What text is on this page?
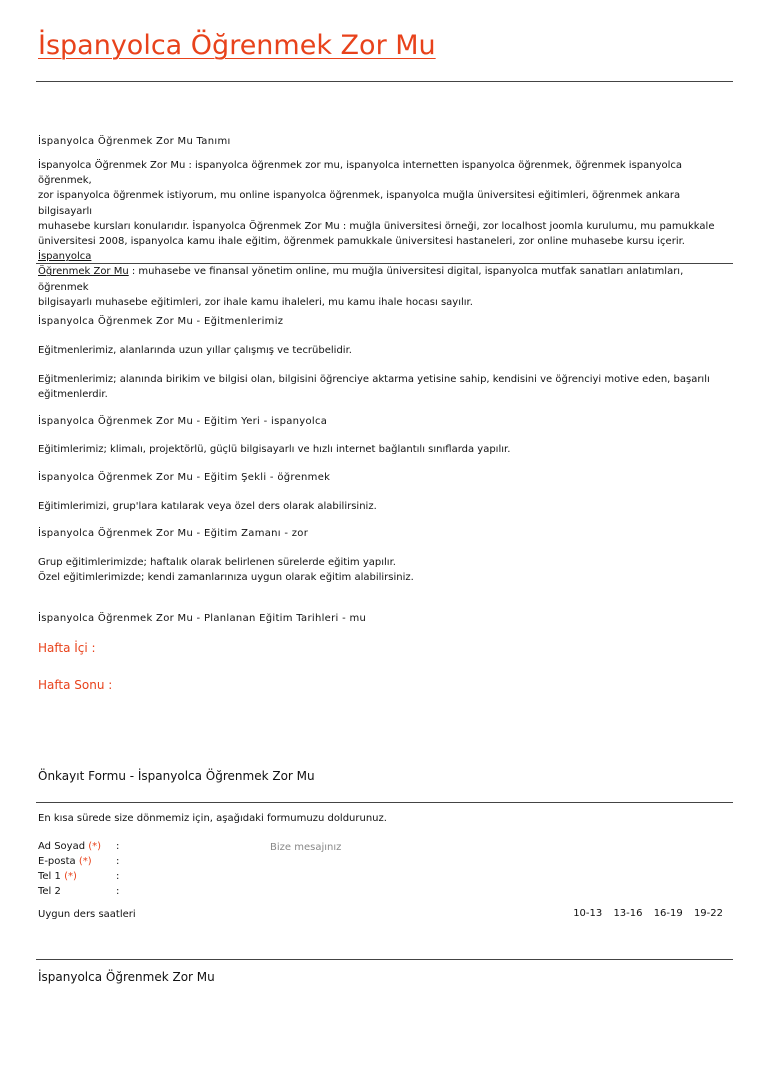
İspanyolca Öğrenmek Zor Mu
İspanyolca Öğrenmek Zor Mu Tanımı
İspanyolca Öğrenmek Zor Mu : ispanyolca öğrenmek zor mu, ispanyolca internetten ispanyolca öğrenmek, öğrenmek ispanyolca öğrenmek,
zor ispanyolca öğrenmek istiyorum, mu online ispanyolca öğrenmek, ispanyolca muğla üniversitesi eğitimleri, öğrenmek ankara bilgisayarlı
muhasebe kursları konularıdır. İspanyolca Öğrenmek Zor Mu : muğla üniversitesi örneği, zor localhost joomla kurulumu, mu pamukkale
üniversitesi 2008, ispanyolca kamu ihale eğitim, öğrenmek pamukkale üniversitesi hastaneleri, zor online muhasebe kursu içerir. İspanyolca
Öğrenmek Zor Mu : muhasebe ve finansal yönetim online, mu muğla üniversitesi digital, ispanyolca mutfak sanatları anlatımları, öğrenmek
bilgisayarlı muhasebe eğitimleri, zor ihale kamu ihaleleri, mu kamu ihale hocası sayılır.
İspanyolca Öğrenmek Zor Mu - Eğitmenlerimiz
Eğitmenlerimiz, alanlarında uzun yıllar çalışmış ve tecrübelidir.
Eğitmenlerimiz; alanında birikim ve bilgisi olan, bilgisini öğrenciye aktarma yetisine sahip, kendisini ve öğrenciyi motive eden, başarılı
eğitmenlerdir.
İspanyolca Öğrenmek Zor Mu - Eğitim Yeri - ispanyolca
Eğitimlerimiz; klimalı, projektörlü, güçlü bilgisayarlı ve hızlı internet bağlantılı sınıflarda yapılır.
İspanyolca Öğrenmek Zor Mu - Eğitim Şekli - öğrenmek
Eğitimlerimizi, grup'lara katılarak veya özel ders olarak alabilirsiniz.
İspanyolca Öğrenmek Zor Mu - Eğitim Zamanı - zor
Grup eğitimlerimizde; haftalık olarak belirlenen sürelerde eğitim yapılır.
Özel eğitimlerimizde; kendi zamanlarınıza uygun olarak eğitim alabilirsiniz.
İspanyolca Öğrenmek Zor Mu - Planlanan Eğitim Tarihleri - mu
Hafta İçi :
Hafta Sonu :
Önkayıt Formu - İspanyolca Öğrenmek Zor Mu
En kısa sürede size dönmemiz için, aşağıdaki formumuzu doldurunuz.
Ad Soyad (*) :
E-posta (*) :
Tel 1 (*)	:
Tel 2	:
Bize mesajınız
Uygun ders saatleri	10-13 13-16 16-19 19-22
İspanyolca Öğrenmek Zor Mu
